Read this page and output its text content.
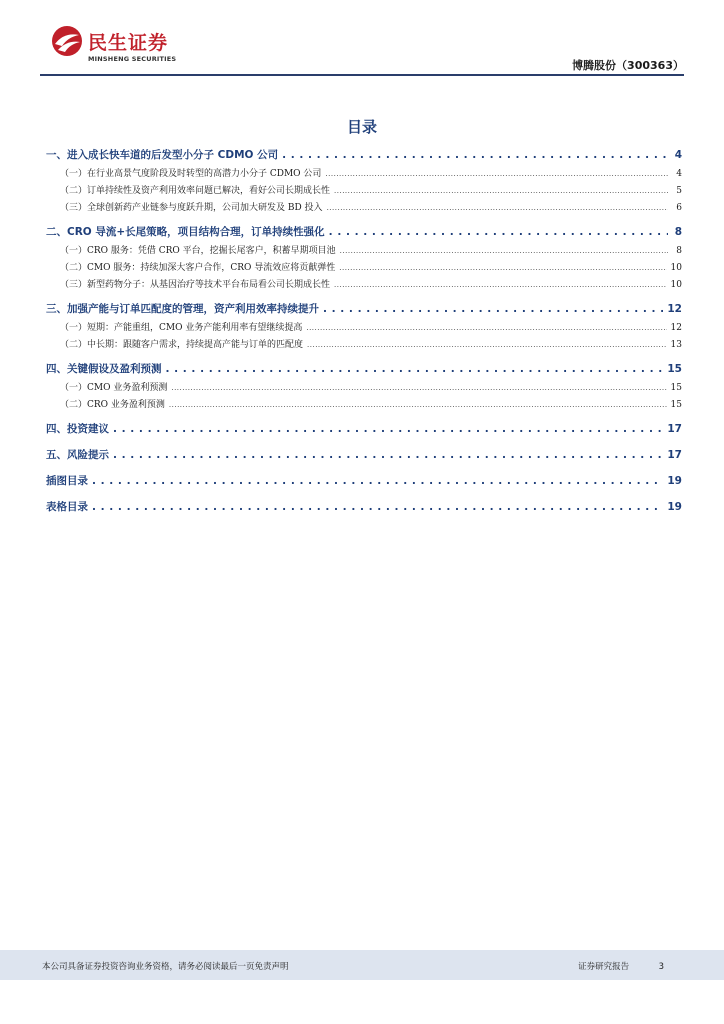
民生证券
MINSHENG SECURITIES	博腾股份（300363）
目录
一、进入成长快车道的后发型小分子 CDMO 公司 . . .	4
（一）在行业高景气度阶段及时转型的高潜力小分子 CDMO 公司 .....	4
（二）订单持续性及资产利用效率问题已解决，看好公司长期成长性 .....	5
（三）全球创新药产业链参与度跃升期，公司加大研发及 BD 投入 .....	6
二、CRO 导流+长尾策略，项目结构合理，订单持续性强化 . . .	8
（一）CRO 服务：凭借 CRO 平台，挖掘长尾客户，积蓄早期项目池 .....	8
（二）CMO 服务：持续加深大客户合作，CRO 导流效应将贡献弹性 .....	10
（三）新型药物分子：从基因治疗等技术平台布局看公司长期成长性 .....	10
三、加强产能与订单匹配度的管理，资产利用效率持续提升 . . .	12
（一）短期：产能重组，CMO 业务产能利用率有望继续提高 .....	12
（二）中长期：跟随客户需求，持续提高产能与订单的匹配度 .....	13
四、关键假设及盈利预测 . . .	15
（一）CMO 业务盈利预测 .....	15
（二）CRO 业务盈利预测 .....	15
四、投资建议 . . .	17
五、风险提示 . . .	17
插图目录 . . .	19
表格目录 . . .	19
本公司具备证券投资咨询业务资格，请务必阅读最后一页免责声明	证券研究报告	3
